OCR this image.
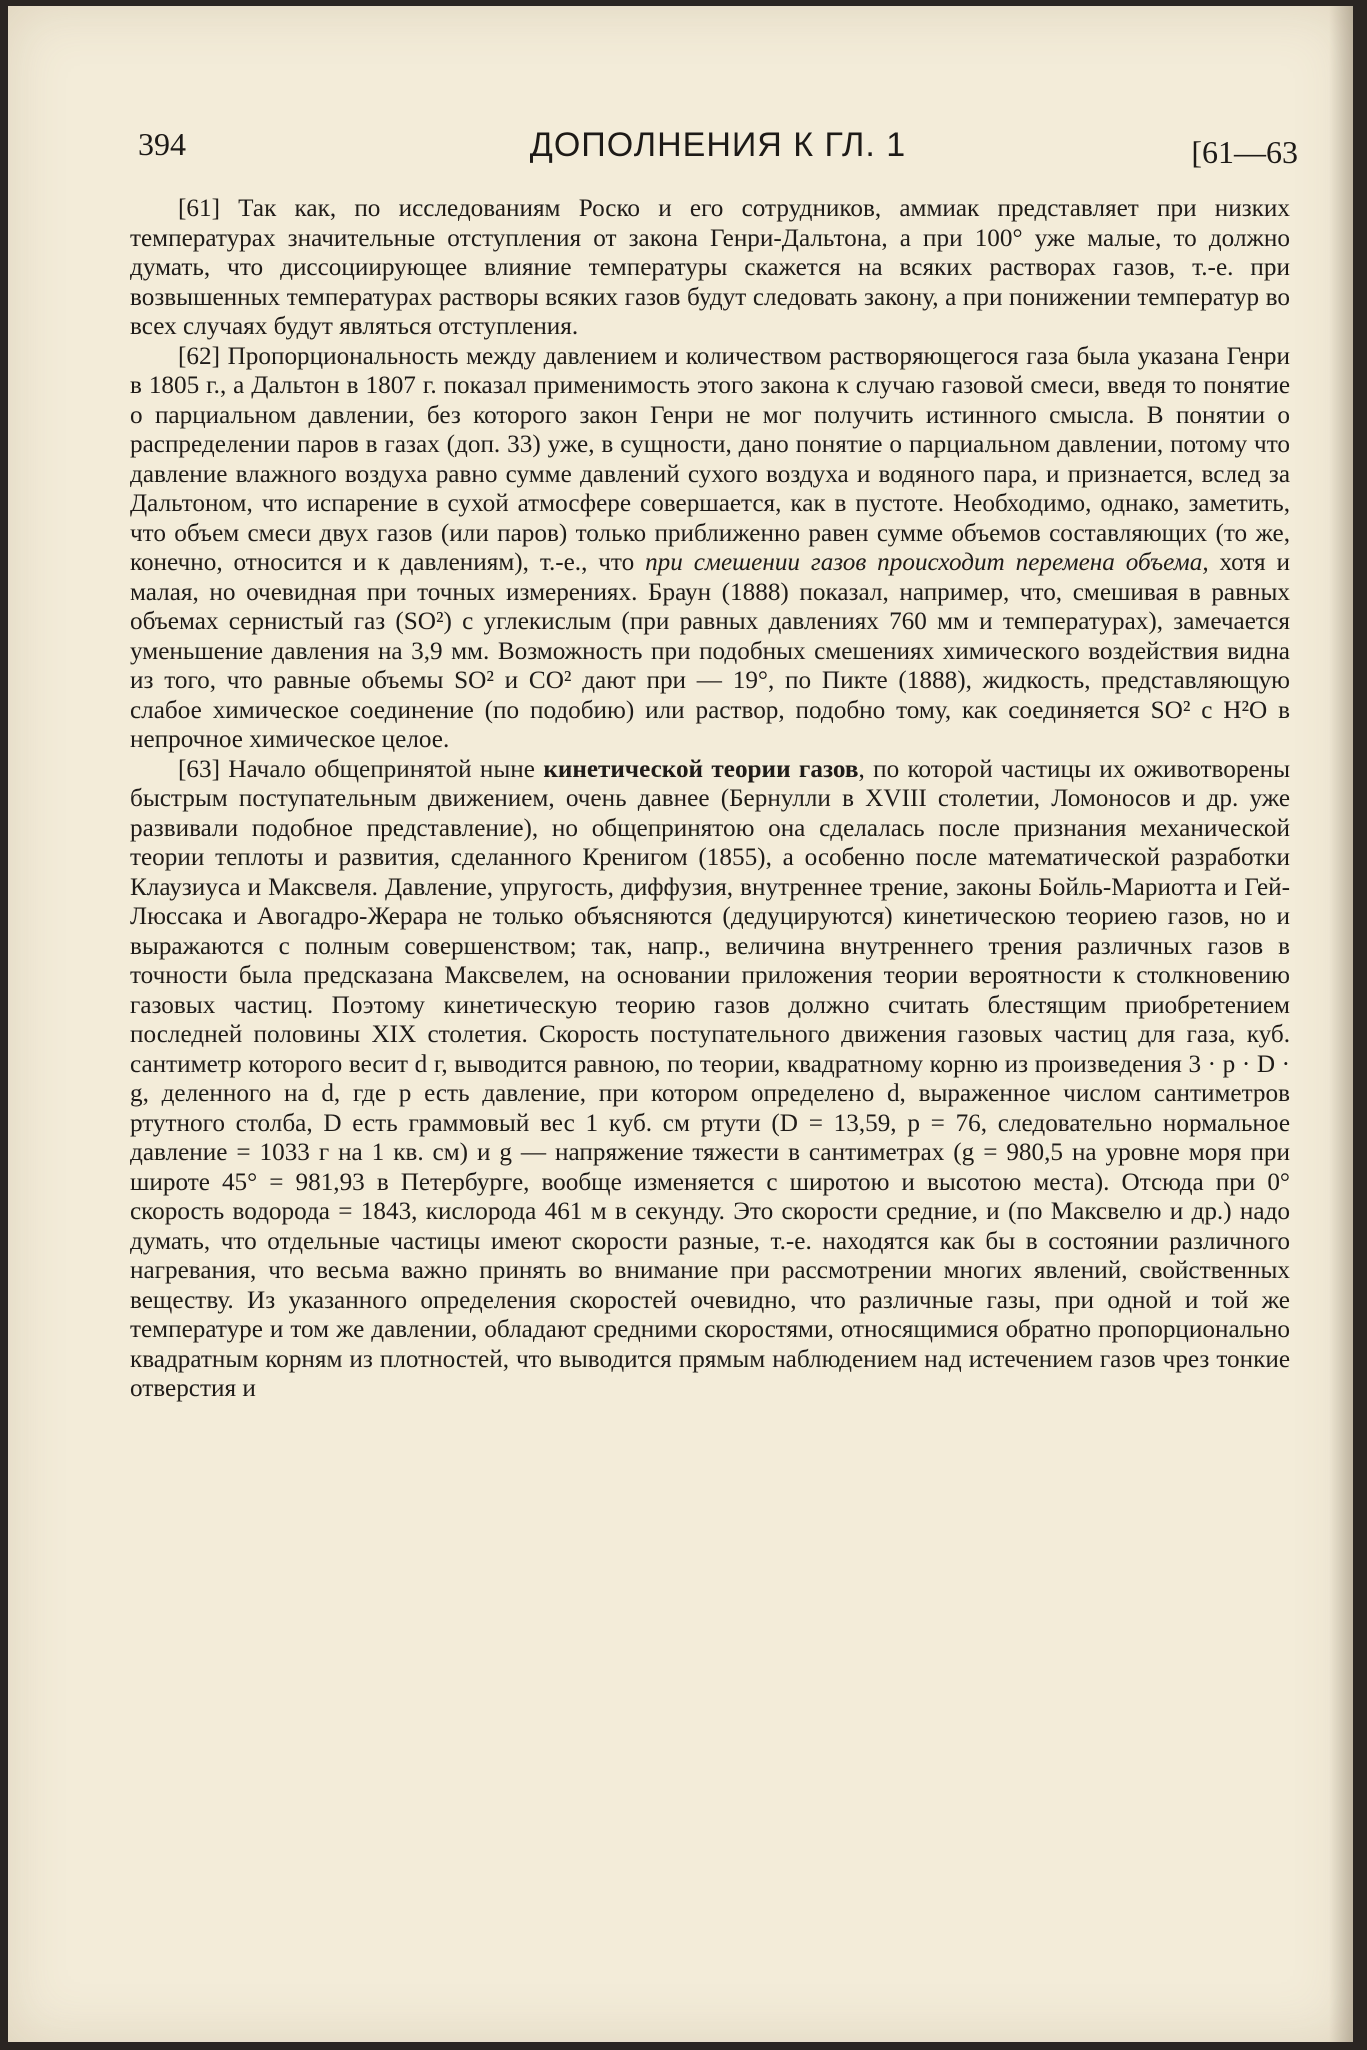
394	ДОПОЛНЕНИЯ К ГЛ. 1	[61—63

[61] Так как, по исследованиям Роско и его сотрудников, аммиак представляет при низких температурах значительные отступления от закона Генри-Дальтона, а при 100° уже малые, то должно думать, что диссоциирующее влияние температуры скажется на всяких растворах газов, т.-е. при возвышенных температурах растворы всяких газов будут следовать закону, а при понижении температур во всех случаях будут являться отступления.

[62] Пропорциональность между давлением и количеством растворяющегося газа была указана Генри в 1805 г., а Дальтон в 1807 г. показал применимость этого закона к случаю газовой смеси, введя то понятие о парциальном давлении, без которого закон Генри не мог получить истинного смысла. В понятии о распределении паров в газах (доп. 33) уже, в сущности, дано понятие о парциальном давлении, потому что давление влажного воздуха равно сумме давлений сухого воздуха и водяного пара, и признается, вслед за Дальтоном, что испарение в сухой атмосфере совершается, как в пустоте. Необходимо, однако, заметить, что объем смеси двух газов (или паров) только приближенно равен сумме объемов составляющих (то же, конечно, относится и к давлениям), т.-е., что при смешении газов происходит перемена объема, хотя и малая, но очевидная при точных измерениях. Браун (1888) показал, например, что, смешивая в равных объемах сернистый газ (SO²) с углекислым (при равных давлениях 760 мм и температурах), замечается уменьшение давления на 3,9 мм. Возможность при подобных смешениях химического воздействия видна из того, что равные объемы SO² и CO² дают при — 19°, по Пикте (1888), жидкость, представляющую слабое химическое соединение (по подобию) или раствор, подобно тому, как соединяется SO² с H²O в непрочное химическое целое.

[63] Начало общепринятой ныне кинетической теории газов, по которой частицы их оживотворены быстрым поступательным движением, очень давнее (Бернулли в XVIII столетии, Ломоносов и др. уже развивали подобное представление), но общепринятою она сделалась после признания механической теории теплоты и развития, сделанного Кренигом (1855), а особенно после математической разработки Клаузиуса и Максвеля. Давление, упругость, диффузия, внутреннее трение, законы Бойль-Мариотта и Гей-Люссака и Авогадро-Жерара не только объясняются (дедуцируются) кинетическою теориею газов, но и выражаются с полным совершенством; так, напр., величина внутреннего трения различных газов в точности была предсказана Максвелем, на основании приложения теории вероятности к столкновению газовых частиц. Поэтому кинетическую теорию газов должно считать блестящим приобретением последней половины XIX столетия. Скорость поступательного движения газовых частиц для газа, куб. сантиметр которого весит d г, выводится равною, по теории, квадратному корню из произведения 3 · p · D · g, деленного на d, где p есть давление, при котором определено d, выраженное числом сантиметров ртутного столба, D есть граммовый вес 1 куб. см ртути (D = 13,59, p = 76, следовательно нормальное давление = 1033 г на 1 кв. см) и g — напряжение тяжести в сантиметрах (g = 980,5 на уровне моря при широте 45° = 981,93 в Петербурге, вообще изменяется с широтою и высотою места). Отсюда при 0° скорость водорода = 1843, кислорода 461 м в секунду. Это скорости средние, и (по Максвелю и др.) надо думать, что отдельные частицы имеют скорости разные, т.-е. находятся как бы в состоянии различного нагревания, что весьма важно принять во внимание при рассмотрении многих явлений, свойственных веществу. Из указанного определения скоростей очевидно, что различные газы, при одной и той же температуре и том же давлении, обладают средними скоростями, относящимися обратно пропорционально квадратным корням из плотностей, что выводится прямым наблюдением над истечением газов чрез тонкие отверстия и
